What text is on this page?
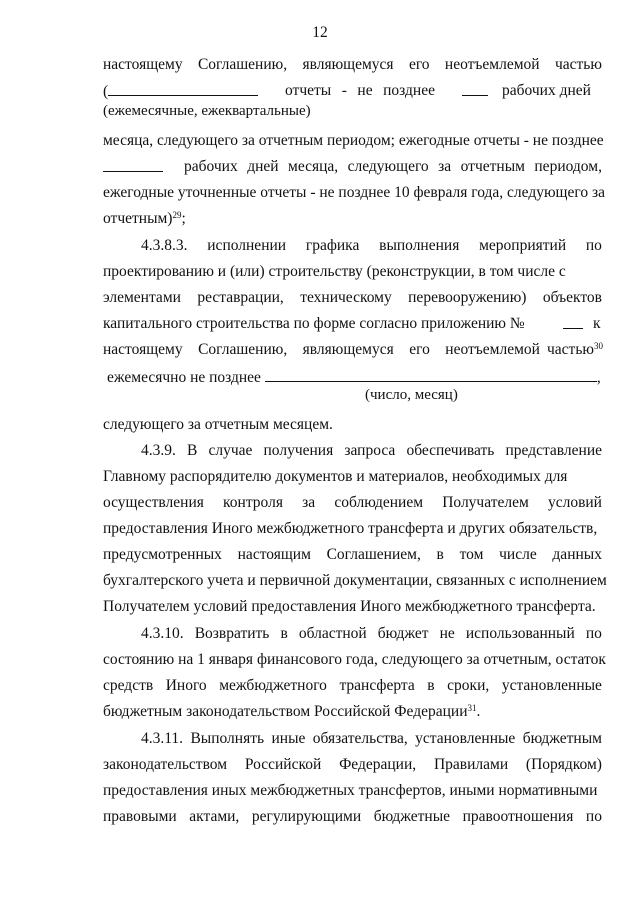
12
настоящему Соглашению, являющемуся его неотъемлемой частью
(	отчеты - не позднее	рабочих дней
(ежемесячные, ежеквартальные)
месяца, следующего за отчетным периодом; ежегодные отчеты - не позднее
рабочих дней месяца, следующего за отчетным периодом,
ежегодные уточненные отчеты - не позднее 10 февраля года, следующего за
отчетным)$^{29}$;
4.3.8.3. исполнении графика выполнения мероприятий по
проектированию и (или) строительству (реконструкции, в том числе с
элементами реставрации, техническому перевооружению) объектов
капитального строительства по форме согласно приложению №	к
настоящему Соглашению, являющемуся его неотъемлемой частью$^{30}$
ежемесячно не позднее	,
(число, месяц)
следующего за отчетным месяцем.
4.3.9. В случае получения запроса обеспечивать представление
Главному распорядителю документов и материалов, необходимых для
осуществления контроля за соблюдением Получателем условий
предоставления Иного межбюджетного трансферта и других обязательств,
предусмотренных настоящим Соглашением, в том числе данных
бухгалтерского учета и первичной документации, связанных с исполнением
Получателем условий предоставления Иного межбюджетного трансферта.
4.3.10. Возвратить в областной бюджет не использованный по
состоянию на 1 января финансового года, следующего за отчетным, остаток
средств Иного межбюджетного трансферта в сроки, установленные
бюджетным законодательством Российской Федерации$^{31}$.
4.3.11. Выполнять иные обязательства, установленные бюджетным
законодательством Российской Федерации, Правилами (Порядком)
предоставления иных межбюджетных трансфертов, иными нормативными
правовыми актами, регулирующими бюджетные правоотношения по
